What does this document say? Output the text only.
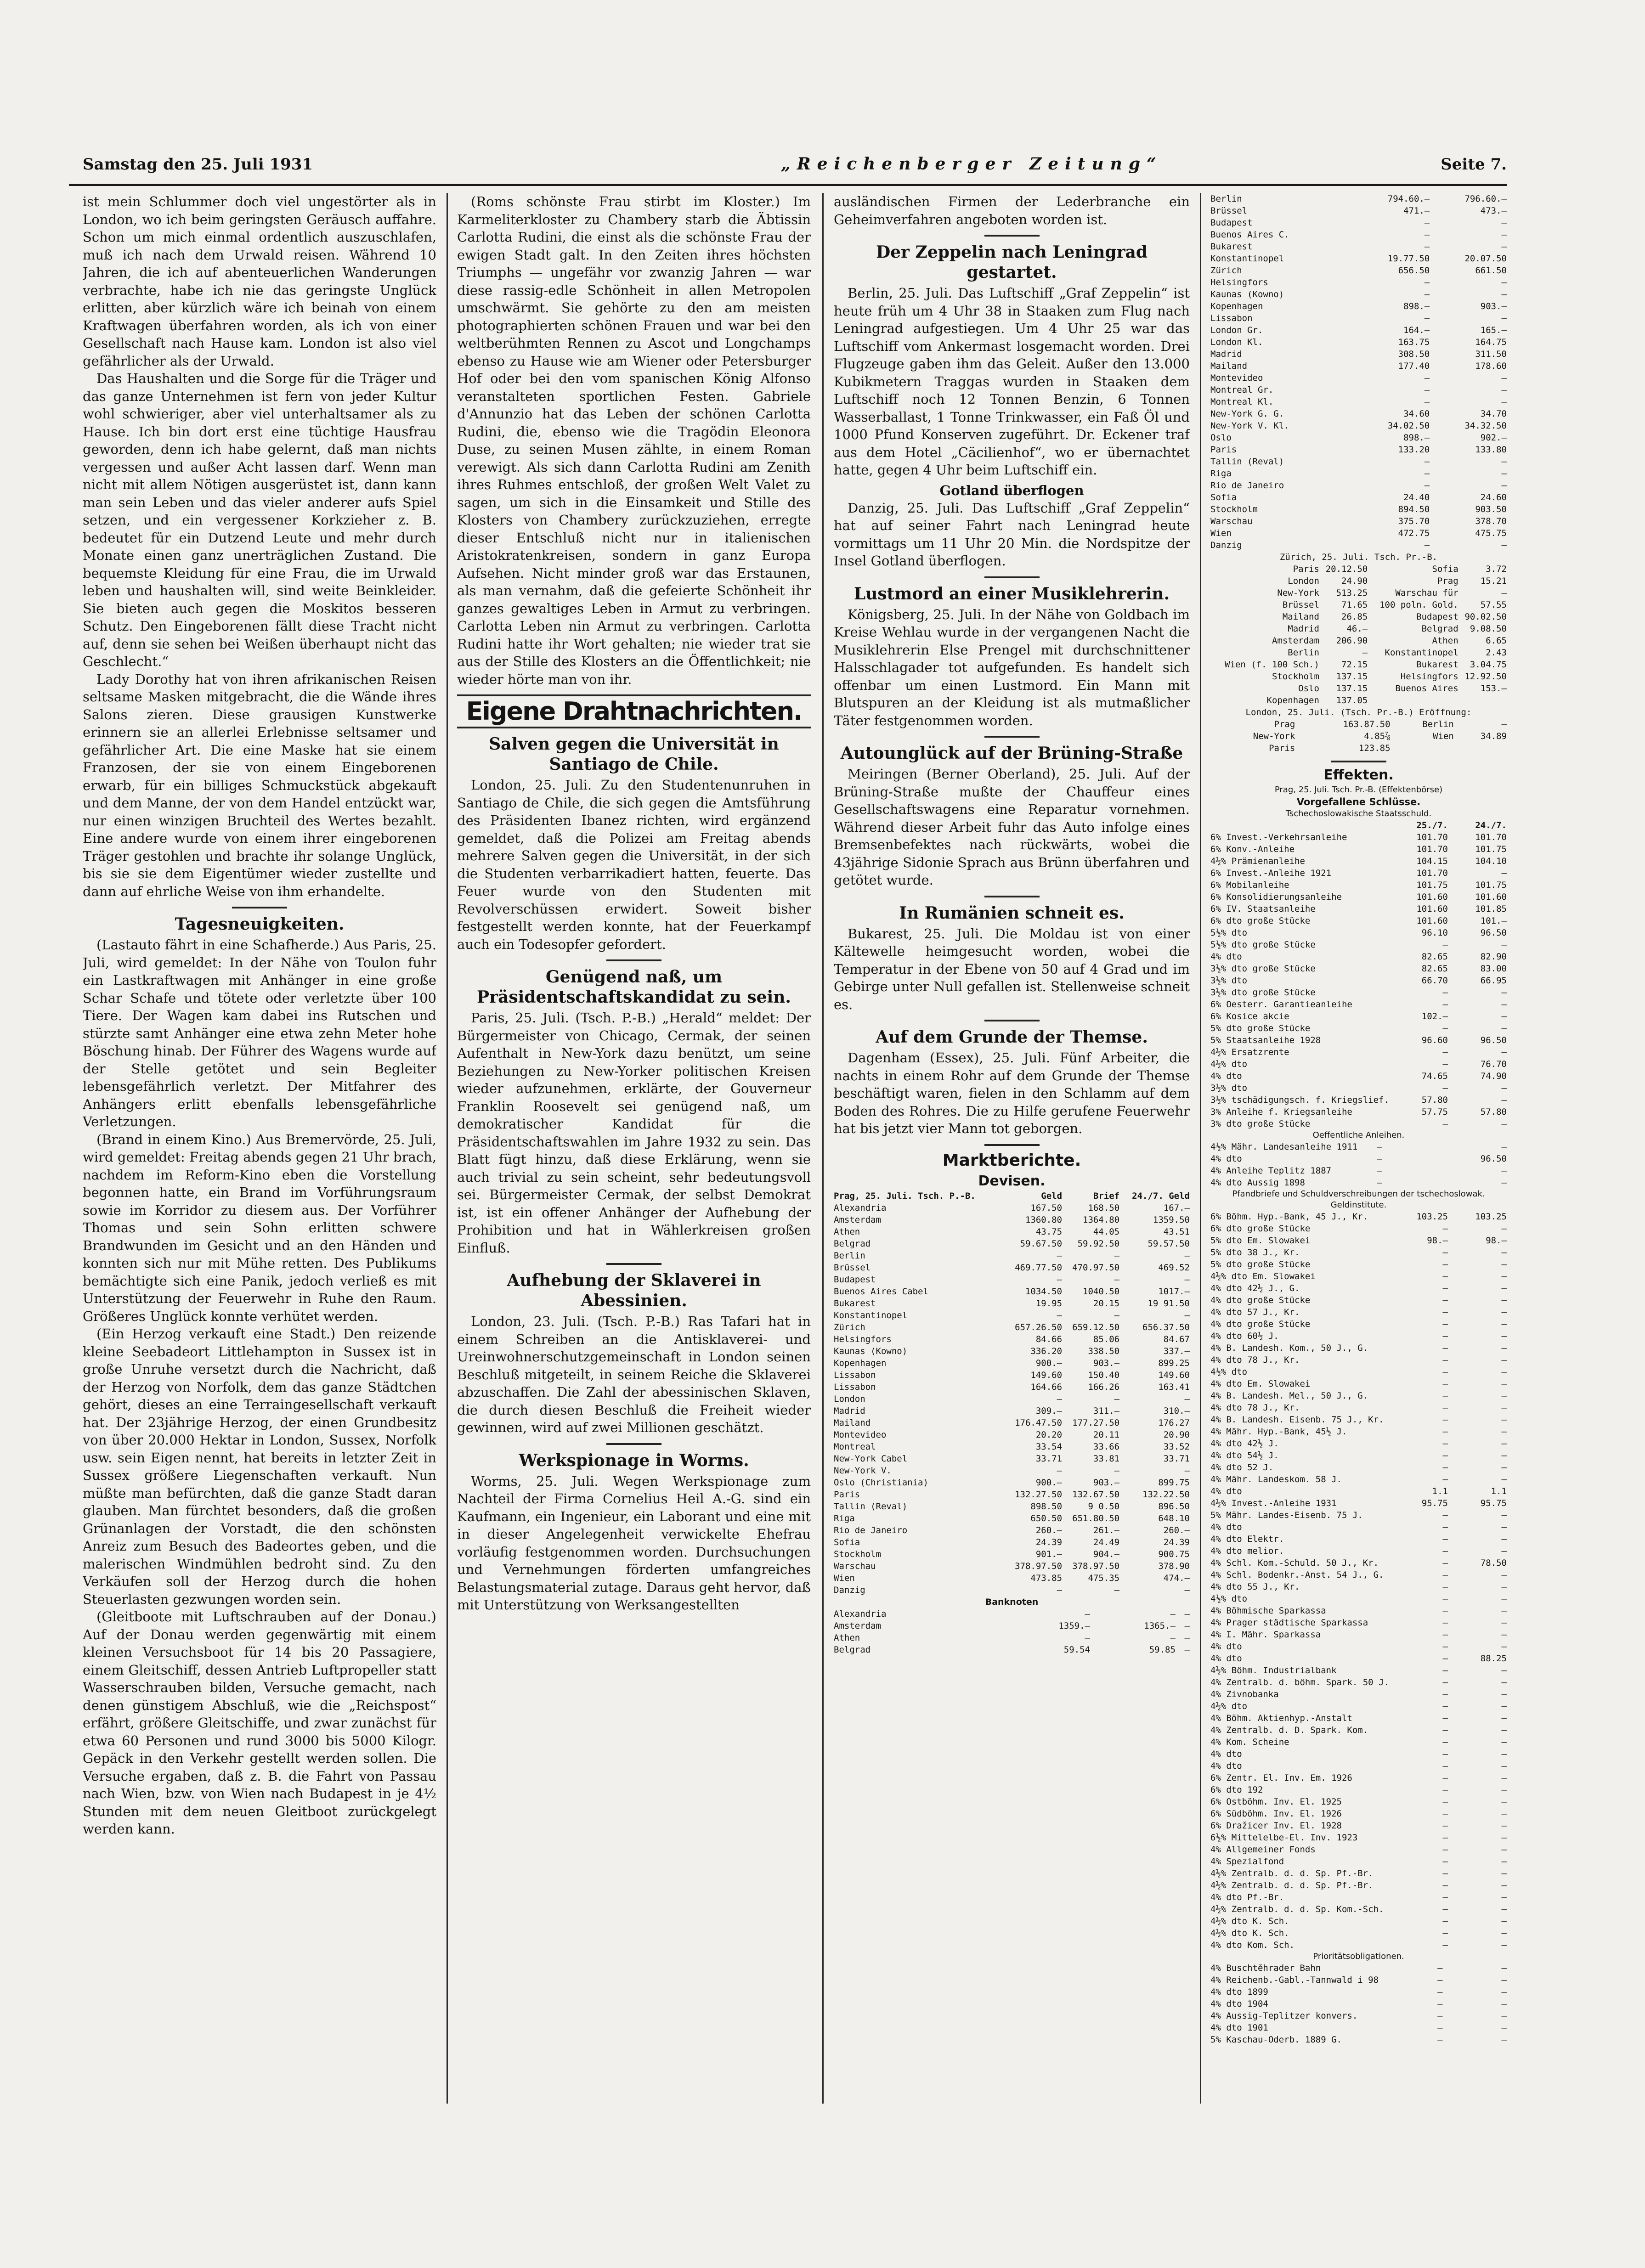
Samstag den 25. Juli 1931	„Reichenberger Zeitung“	Seite 7.

ist mein Schlummer doch viel ungestörter als in London, wo ich beim geringsten Geräusch auffahre. Schon um mich einmal ordentlich auszuschlafen, muß ich nach dem Urwald reisen. Während 10 Jahren, die ich auf abenteuerlichen Wanderungen verbrachte, habe ich nie das geringste Unglück erlitten, aber kürzlich wäre ich beinah von einem Kraftwagen überfahren worden, als ich von einer Gesellschaft nach Hause kam. London ist also viel gefährlicher als der Urwald.

Das Haushalten und die Sorge für die Träger und das ganze Unternehmen ist fern von jeder Kultur wohl schwieriger, aber viel unterhaltsamer als zu Hause. Ich bin dort erst eine tüchtige Hausfrau geworden, denn ich habe gelernt, daß man nichts vergessen und außer Acht lassen darf. Wenn man nicht mit allem Nötigen ausgerüstet ist, dann kann man sein Leben und das vieler anderer aufs Spiel setzen, und ein vergessener Korkzieher z. B. bedeutet für ein Dutzend Leute und mehr durch Monate einen ganz unerträglichen Zustand. Die bequemste Kleidung für eine Frau, die im Urwald leben und haushalten will, sind weite Beinkleider. Sie bieten auch gegen die Moskitos besseren Schutz. Den Eingeborenen fällt diese Tracht nicht auf, denn sie sehen bei Weißen überhaupt nicht das Geschlecht.“

Lady Dorothy hat von ihren afrikanischen Reisen seltsame Masken mitgebracht, die die Wände ihres Salons zieren. Diese grausigen Kunstwerke erinnern sie an allerlei Erlebnisse seltsamer und gefährlicher Art. Die eine Maske hat sie einem Franzosen, der sie von einem Eingeborenen erwarb, für ein billiges Schmuckstück abgekauft und dem Manne, der von dem Handel entzückt war, nur einen winzigen Bruchteil des Wertes bezahlt. Eine andere wurde von einem ihrer eingeborenen Träger gestohlen und brachte ihr solange Unglück, bis sie sie dem Eigentümer wieder zustellte und dann auf ehrliche Weise von ihm erhandelte.

Tagesneuigkeiten.

(Lastauto fährt in eine Schafherde.) Aus Paris, 25. Juli, wird gemeldet: In der Nähe von Toulon fuhr ein Lastkraftwagen mit Anhänger in eine große Schar Schafe und tötete oder verletzte über 100 Tiere. Der Wagen kam dabei ins Rutschen und stürzte samt Anhänger eine etwa zehn Meter hohe Böschung hinab. Der Führer des Wagens wurde auf der Stelle getötet und sein Begleiter lebensgefährlich verletzt. Der Mitfahrer des Anhängers erlitt ebenfalls lebensgefährliche Verletzungen.

(Brand in einem Kino.) Aus Bremervörde, 25. Juli, wird gemeldet: Freitag abends gegen 21 Uhr brach, nachdem im Reform-Kino eben die Vorstellung begonnen hatte, ein Brand im Vorführungsraum sowie im Korridor zu diesem aus. Der Vorführer Thomas und sein Sohn erlitten schwere Brandwunden im Gesicht und an den Händen und konnten sich nur mit Mühe retten. Des Publikums bemächtigte sich eine Panik, jedoch verließ es mit Unterstützung der Feuerwehr in Ruhe den Raum. Größeres Unglück konnte verhütet werden.

(Ein Herzog verkauft eine Stadt.) Den reizende kleine Seebadeort Littlehampton in Sussex ist in große Unruhe versetzt durch die Nachricht, daß der Herzog von Norfolk, dem das ganze Städtchen gehört, dieses an eine Terraingesellschaft verkauft hat. Der 23jährige Herzog, der einen Grundbesitz von über 20.000 Hektar in London, Sussex, Norfolk usw. sein Eigen nennt, hat bereits in letzter Zeit in Sussex größere Liegenschaften verkauft. Nun müßte man befürchten, daß die ganze Stadt daran glauben. Man fürchtet besonders, daß die großen Grünanlagen der Vorstadt, die den schönsten Anreiz zum Besuch des Badeortes geben, und die malerischen Windmühlen bedroht sind. Zu den Verkäufen soll der Herzog durch die hohen Steuerlasten gezwungen worden sein.

(Gleitboote mit Luftschrauben auf der Donau.) Auf der Donau werden gegenwärtig mit einem kleinen Versuchsboot für 14 bis 20 Passagiere, einem Gleitschiff, dessen Antrieb Luftpropeller statt Wasserschrauben bilden, Versuche gemacht, nach denen günstigem Abschluß, wie die „Reichspost“ erfährt, größere Gleitschiffe, und zwar zunächst für etwa 60 Personen und rund 3000 bis 5000 Kilogr. Gepäck in den Verkehr gestellt werden sollen. Die Versuche ergaben, daß z. B. die Fahrt von Passau nach Wien, bzw. von Wien nach Budapest in je 4½ Stunden mit dem neuen Gleitboot zurückgelegt werden kann.

(Roms schönste Frau stirbt im Kloster.) Im Karmeliterkloster zu Chambery starb die Äbtissin Carlotta Rudini, die einst als die schönste Frau der ewigen Stadt galt. In den Zeiten ihres höchsten Triumphs — ungefähr vor zwanzig Jahren — war diese rassig-edle Schönheit in allen Metropolen umschwärmt. Sie gehörte zu den am meisten photographierten schönen Frauen und war bei den weltberühmten Rennen zu Ascot und Longchamps ebenso zu Hause wie am Wiener oder Petersburger Hof oder bei den vom spanischen König Alfonso veranstalteten sportlichen Festen. Gabriele d'Annunzio hat das Leben der schönen Carlotta Rudini, die, ebenso wie die Tragödin Eleonora Duse, zu seinen Musen zählte, in einem Roman verewigt. Als sich dann Carlotta Rudini am Zenith ihres Ruhmes entschloß, der großen Welt Valet zu sagen, um sich in die Einsamkeit und Stille des Klosters von Chambery zurückzuziehen, erregte dieser Entschluß nicht nur in italienischen Aristokratenkreisen, sondern in ganz Europa Aufsehen. Nicht minder groß war das Erstaunen, als man vernahm, daß die gefeierte Schönheit ihr ganzes gewaltiges Leben in Armut zu verbringen. Carlotta Leben nin Armut zu verbringen. Carlotta Rudini hatte ihr Wort gehalten; nie wieder trat sie aus der Stille des Klosters an die Öffentlichkeit; nie wieder hörte man von ihr.

Eigene Drahtnachrichten.
Salven gegen die Universität in Santiago de Chile.

London, 25. Juli. Zu den Studentenunruhen in Santiago de Chile, die sich gegen die Amtsführung des Präsidenten Ibanez richten, wird ergänzend gemeldet, daß die Polizei am Freitag abends mehrere Salven gegen die Universität, in der sich die Studenten verbarrikadiert hatten, feuerte. Das Feuer wurde von den Studenten mit Revolverschüssen erwidert. Soweit bisher festgestellt werden konnte, hat der Feuerkampf auch ein Todesopfer gefordert.

Genügend naß, um Präsidentschaftskandidat zu sein.

Paris, 25. Juli. (Tsch. P.-B.) „Herald“ meldet: Der Bürgermeister von Chicago, Cermak, der seinen Aufenthalt in New-York dazu benützt, um seine Beziehungen zu New-Yorker politischen Kreisen wieder aufzunehmen, erklärte, der Gouverneur Franklin Roosevelt sei genügend naß, um demokratischer Kandidat für die Präsidentschaftswahlen im Jahre 1932 zu sein. Das Blatt fügt hinzu, daß diese Erklärung, wenn sie auch trivial zu sein scheint, sehr bedeutungsvoll sei. Bürgermeister Cermak, der selbst Demokrat ist, ist ein offener Anhänger der Aufhebung der Prohibition und hat in Wählerkreisen großen Einfluß.

Aufhebung der Sklaverei in Abessinien.

London, 23. Juli. (Tsch. P.-B.) Ras Tafari hat in einem Schreiben an die Antisklaverei- und Ureinwohnerschutzgemeinschaft in London seinen Beschluß mitgeteilt, in seinem Reiche die Sklaverei abzuschaffen. Die Zahl der abessinischen Sklaven, die durch diesen Beschluß die Freiheit wieder gewinnen, wird auf zwei Millionen geschätzt.

Werkspionage in Worms.

Worms, 25. Juli. Wegen Werkspionage zum Nachteil der Firma Cornelius Heil A.-G. sind ein Kaufmann, ein Ingenieur, ein Laborant und eine mit in dieser Angelegenheit verwickelte Ehefrau vorläufig festgenommen worden. Durchsuchungen und Vernehmungen förderten umfangreiches Belastungsmaterial zutage. Daraus geht hervor, daß mit Unterstützung von Werksangestellten

ausländischen Firmen der Lederbranche ein Geheimverfahren angeboten worden ist.

Der Zeppelin nach Leningrad gestartet.

Berlin, 25. Juli. Das Luftschiff „Graf Zeppelin“ ist heute früh um 4 Uhr 38 in Staaken zum Flug nach Leningrad aufgestiegen. Um 4 Uhr 25 war das Luftschiff vom Ankermast losgemacht worden. Drei Flugzeuge gaben ihm das Geleit. Außer den 13.000 Kubikmetern Traggas wurden in Staaken dem Luftschiff noch 12 Tonnen Benzin, 6 Tonnen Wasserballast, 1 Tonne Trinkwasser, ein Faß Öl und 1000 Pfund Konserven zugeführt. Dr. Eckener traf aus dem Hotel „Cäcilienhof“, wo er übernachtet hatte, gegen 4 Uhr beim Luftschiff ein.

Gotland überflogen

Danzig, 25. Juli. Das Luftschiff „Graf Zeppelin“ hat auf seiner Fahrt nach Leningrad heute vormittags um 11 Uhr 20 Min. die Nordspitze der Insel Gotland überflogen.

Lustmord an einer Musiklehrerin.

Königsberg, 25. Juli. In der Nähe von Goldbach im Kreise Wehlau wurde in der vergangenen Nacht die Musiklehrerin Else Prengel mit durchschnittener Halsschlagader tot aufgefunden. Es handelt sich offenbar um einen Lustmord. Ein Mann mit Blutspuren an der Kleidung ist als mutmaßlicher Täter festgenommen worden.

Autounglück auf der Brüning-Straße

Meiringen (Berner Oberland), 25. Juli. Auf der Brüning-Straße mußte der Chauffeur eines Gesellschaftswagens eine Reparatur vornehmen. Während dieser Arbeit fuhr das Auto infolge eines Bremsenbefektes nach rückwärts, wobei die 43jährige Sidonie Sprach aus Brünn überfahren und getötet wurde.

In Rumänien schneit es.

Bukarest, 25. Juli. Die Moldau ist von einer Kältewelle heimgesucht worden, wobei die Temperatur in der Ebene von 50 auf 4 Grad und im Gebirge unter Null gefallen ist. Stellenweise schneit es.

Auf dem Grunde der Themse.

Dagenham (Essex), 25. Juli. Fünf Arbeiter, die nachts in einem Rohr auf dem Grunde der Themse beschäftigt waren, fielen in den Schlamm auf dem Boden des Rohres. Die zu Hilfe gerufene Feuerwehr hat bis jetzt vier Mann tot geborgen.

Marktberichte.
Devisen.
Prag, 25. Juli. Tsch. P.-B.	Geld	Brief	24./7. Geld
Alexandria	167.50	168.50	167.—
Amsterdam	1360.80	1364.80	1359.50
Athen	43.75	44.05	43.51
Belgrad	59.67.50	59.92.50	59.57.50
Berlin	—	—	—
Brüssel	469.77.50	470.97.50	469.52
Budapest	—	—	—
Buenos Aires Cabel	1034.50	1040.50	1017.—
Bukarest	19.95	20.15	19 91.50
Konstantinopel	—	—	—
Zürich	657.26.50	659.12.50	656.37.50
Helsingfors	84.66	85.06	84.67
Kaunas (Kowno)	336.20	338.50	337.—
Kopenhagen	900.—	903.—	899.25
Lissabon	149.60	150.40	149.60
Lissabon	164.66	166.26	163.41
London	—	—	—
Madrid	309.—	311.—	310.—
Mailand	176.47.50	177.27.50	176.27
Montevideo	20.20	20.11	20.90
Montreal	33.54	33.66	33.52
New-York Cabel	33.71	33.81	33.71
New-York V.	—	—	—
Oslo (Christiania)	900.—	903.—	899.75
Paris	132.27.50	132.67.50	132.22.50
Tallin (Reval)	898.50	9 0.50	896.50
Riga	650.50	651.80.50	648.10
Rio de Janeiro	260.—	261.—	260.—
Sofia	24.39	24.49	24.39
Stockholm	901.—	904.—	900.75
Warschau	378.97.50	378.97.50	378.90
Wien	473.85	475.35	474.—
Danzig	—	—	—
Banknoten
Alexandria	—	—	—
Amsterdam	1359.—	1365.—	—
Athen	—	—	—
Belgrad	59.54	59.85	—
Berlin	794.60.—	796.60.—
Brüssel	471.—	473.—
Budapest	—	—
Buenos Aires C.	—	—
Bukarest	—	—
Konstantinopel	19.77.50	20.07.50
Zürich	656.50	661.50
Helsingfors	—	—
Kaunas (Kowno)	—	—
Kopenhagen	898.—	903.—
Lissabon	—	—
London Gr.	164.—	165.—
London Kl.	163.75	164.75
Madrid	308.50	311.50
Mailand	177.40	178.60
Montevideo	—	—
Montreal Gr.	—	—
Montreal Kl.	—	—
New-York G. G.	34.60	34.70
New-York V. Kl.	34.02.50	34.32.50
Oslo	898.—	902.—
Paris	133.20	133.80
Tallin (Reval)	—	—
Riga	—	—
Rio de Janeiro	—	—
Sofia	24.40	24.60
Stockholm	894.50	903.50
Warschau	375.70	378.70
Wien	472.75	475.75
Danzig	—	—
Zürich, 25. Juli. Tsch. Pr.-B.
Paris	20.12.50	Sofia	3.72
London	24.90	Prag	15.21
New-York	513.25	Warschau für	—
Brüssel	71.65	100 poln. Gold.	57.55
Mailand	26.85	Budapest	90.02.50
Madrid	46.—	Belgrad	9.08.50
Amsterdam	206.90	Athen	6.65
Berlin	—	Konstantinopel	2.43
Wien (f. 100 Sch.)	72.15	Bukarest	3.04.75
Stockholm	137.15	Helsingfors	12.92.50
Oslo	137.15	Buenos Aires	153.—
Kopenhagen	137.05		
London, 25. Juli. (Tsch. Pr.-B.) Eröffnung:
Prag	163.87.50	Berlin	—
New-York	4.85⅞	Wien	34.89
Paris	123.85		
Effekten.
Prag, 25. Juli. Tsch. Pr.-B. (Effektenbörse)
Vorgefallene Schlüsse.
Tschechoslowakische Staatsschuld.
	25./7.	24./7.
6% Invest.-Verkehrsanleihe	101.70	101.70
6% Konv.-Anleihe	101.70	101.75
4½% Prämienanleihe	104.15	104.10
6% Invest.-Anleihe 1921	101.70	—
6% Mobilanleihe	101.75	101.75
6% Konsolidierungsanleihe	101.60	101.60
6% IV. Staatsanleihe	101.60	101.85
6% dto große Stücke	101.60	101.—
5½% dto	96.10	96.50
5½% dto große Stücke	—	—
4% dto	82.65	82.90
3½% dto große Stücke	82.65	83.00
3½% dto	66.70	66.95
3½% dto große Stücke	—	—
6% Oesterr. Garantieanleihe	—	—
6% Kosice akcie	102.—	—
5% dto große Stücke	—	—
5% Staatsanleihe 1928	96.60	96.50
4½% Ersatzrente	—	—
4½% dto	—	76.70
4% dto	74.65	74.90
3½% dto	—	—
3½% tschädigungsch. f. Kriegslief.	57.80	—
3% Anleihe f. Kriegsanleihe	57.75	57.80
3% dto große Stücke	—	—
Oeffentliche Anleihen.
4½% Mähr. Landesanleihe 1911	—	—
4% dto	—	96.50
4% Anleihe Teplitz 1887	—	—
4% dto Aussig 1898	—	—
Pfandbriefe und Schuldverschreibungen der tschechoslowak. Geldinstitute.
6% Böhm. Hyp.-Bank, 45 J., Kr.	103.25	103.25
6% dto große Stücke	—	—
5% dto Em. Slowakei	98.—	98.—
5% dto 38 J., Kr.	—	—
5% dto große Stücke	—	—
4½% dto Em. Slowakei	—	—
4% dto 42½ J., G.	—	—
4% dto große Stücke	—	—
4% dto 57 J., Kr.	—	—
4% dto große Stücke	—	—
4% dto 60½ J.	—	—
4% B. Landesh. Kom., 50 J., G.	—	—
4% dto 78 J., Kr.	—	—
4½% dto	—	—
4% dto Em. Slowakei	—	—
4% B. Landesh. Mel., 50 J., G.	—	—
4% dto 78 J., Kr.	—	—
4% B. Landesh. Eisenb. 75 J., Kr.	—	—
4% Mähr. Hyp.-Bank, 45½ J.	—	—
4% dto 42½ J.	—	—
4% dto 54½ J.	—	—
4% dto 52 J.	—	—
4% Mähr. Landeskom. 58 J.	—	—
4% dto	1.1	1.1
4½% Invest.-Anleihe 1931	95.75	95.75
5% Mähr. Landes-Eisenb. 75 J.	—	—
4% dto	—	—
4% dto Elektr.	—	—
4% dto melior.	—	—
4% Schl. Kom.-Schuld. 50 J., Kr.	—	78.50
4% Schl. Bodenkr.-Anst. 54 J., G.	—	—
4% dto 55 J., Kr.	—	—
4½% dto	—	—
4% Böhmische Sparkassa	—	—
4% Prager städtische Sparkassa	—	—
4% I. Mähr. Sparkassa	—	—
4% dto	—	—
4% dto	—	88.25
4½% Böhm. Industrialbank	—	—
4% Zentralb. d. böhm. Spark. 50 J.	—	—
4% Zivnobanka	—	—
4½% dto	—	—
4% Böhm. Aktienhyp.-Anstalt	—	—
4% Zentralb. d. D. Spark. Kom.	—	—
4% Kom. Scheine	—	—
4% dto	—	—
4% dto	—	—
6% Zentr. El. Inv. Em. 1926	—	—
6% dto 192	—	—
6% Ostböhm. Inv. El. 1925	—	—
6% Südböhm. Inv. El. 1926	—	—
6% Dražicer Inv. El. 1928	—	—
6½% Mittelelbe-El. Inv. 1923	—	—
4% Allgemeiner Fonds	—	—
4% Spezialfond	—	—
4½% Zentralb. d. d. Sp. Pf.-Br.	—	—
4½% Zentralb. d. d. Sp. Pf.-Br.	—	—
4% dto Pf.-Br.	—	—
4½% Zentralb. d. d. Sp. Kom.-Sch.	—	—
4½% dto K. Sch.	—	—
4½% dto K. Sch.	—	—
4% dto Kom. Sch.	—	—
Prioritätsobligationen.
4% Buschtěhrader Bahn	—	—
4% Reichenb.-Gabl.-Tannwald i 98	—	—
4% dto 1899	—	—
4% dto 1904	—	—
4% Aussig-Teplitzer konvers.	—	—
4% dto 1901	—	—
5% Kaschau-Oderb. 1889 G.	—	—
